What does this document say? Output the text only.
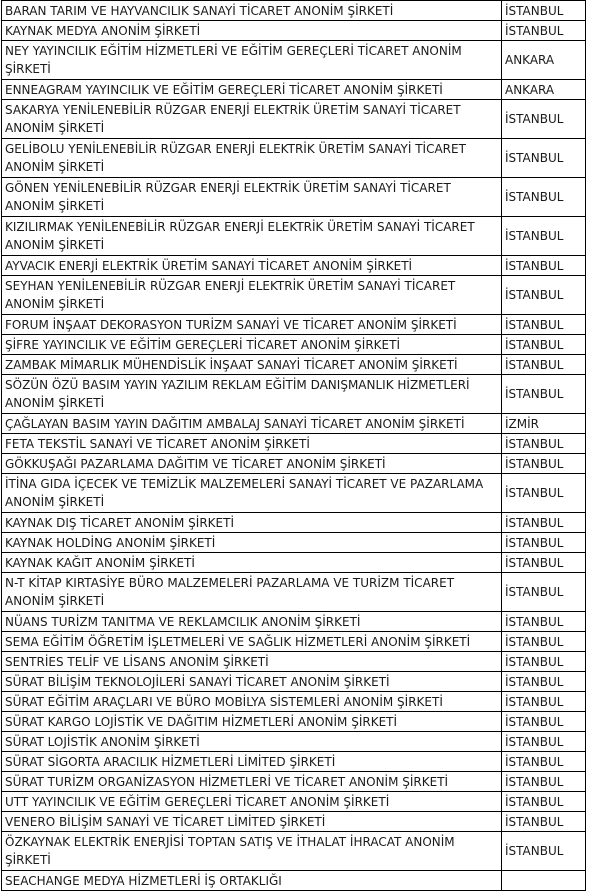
BARAN TARIM VE HAYVANCILIK SANAYİ TİCARET ANONİM ŞİRKETİ	İSTANBUL
KAYNAK MEDYA ANONİM ŞİRKETİ	İSTANBUL
NEY YAYINCILIK EĞİTİM HİZMETLERİ VE EĞİTİM GEREÇLERİ TİCARET ANONİM ŞİRKETİ	ANKARA
ENNEAGRAM YAYINCILIK VE EĞİTİM GEREÇLERİ TİCARET ANONİM ŞİRKETİ	ANKARA
SAKARYA YENİLENEBİLİR RÜZGAR ENERJİ ELEKTRİK ÜRETİM SANAYİ TİCARET ANONİM ŞİRKETİ	İSTANBUL
GELİBOLU YENİLENEBİLİR RÜZGAR ENERJİ ELEKTRİK ÜRETİM SANAYİ TİCARET ANONİM ŞİRKETİ	İSTANBUL
GÖNEN YENİLENEBİLİR RÜZGAR ENERJİ ELEKTRİK ÜRETİM SANAYİ TİCARET ANONİM ŞİRKETİ	İSTANBUL
KIZILIRMAK YENİLENEBİLİR RÜZGAR ENERJİ ELEKTRİK ÜRETİM SANAYİ TİCARET ANONİM ŞİRKETİ	İSTANBUL
AYVACIK ENERJİ ELEKTRİK ÜRETİM SANAYİ TİCARET ANONİM ŞİRKETİ	İSTANBUL
SEYHAN YENİLENEBİLİR RÜZGAR ENERJİ ELEKTRİK ÜRETİM SANAYİ TİCARET ANONİM ŞİRKETİ	İSTANBUL
FORUM İNŞAAT DEKORASYON TURİZM SANAYİ VE TİCARET ANONİM ŞİRKETİ	İSTANBUL
ŞİFRE YAYINCILIK VE EĞİTİM GEREÇLERİ TİCARET ANONİM ŞİRKETİ	İSTANBUL
ZAMBAK MİMARLIK MÜHENDİSLİK İNŞAAT SANAYİ TİCARET ANONİM ŞİRKETİ	İSTANBUL
SÖZÜN ÖZÜ BASIM YAYIN YAZILIM REKLAM EĞİTİM DANIŞMANLIK HİZMETLERİ ANONİM ŞİRKETİ	İSTANBUL
ÇAĞLAYAN BASIM YAYIN DAĞITIM AMBALAJ SANAYİ TİCARET ANONİM ŞİRKETİ	İZMİR
FETA TEKSTİL SANAYİ VE TİCARET ANONİM ŞİRKETİ	İSTANBUL
GÖKKUŞAĞI PAZARLAMA DAĞITIM VE TİCARET ANONİM ŞİRKETİ	İSTANBUL
İTİNA GIDA İÇECEK VE TEMİZLİK MALZEMELERİ SANAYİ TİCARET VE PAZARLAMA ANONİM ŞİRKETİ	İSTANBUL
KAYNAK DIŞ TİCARET ANONİM ŞİRKETİ	İSTANBUL
KAYNAK HOLDİNG ANONİM ŞİRKETİ	İSTANBUL
KAYNAK KAĞIT ANONİM ŞİRKETİ	İSTANBUL
N-T KİTAP KIRTASİYE BÜRO MALZEMELERİ PAZARLAMA VE TURİZM TİCARET ANONİM ŞİRKETİ	İSTANBUL
NÜANS TURİZM TANITMA VE REKLAMCILIK ANONİM ŞİRKETİ	İSTANBUL
SEMA EĞİTİM ÖĞRETİM İŞLETMELERİ VE SAĞLIK HİZMETLERİ ANONİM ŞİRKETİ	İSTANBUL
SENTRİES TELİF VE LİSANS ANONİM ŞİRKETİ	İSTANBUL
SÜRAT BİLİŞİM TEKNOLOJİLERİ SANAYİ TİCARET ANONİM ŞİRKETİ	İSTANBUL
SÜRAT EĞİTİM ARAÇLARI VE BÜRO MOBİLYA SİSTEMLERİ ANONİM ŞİRKETİ	İSTANBUL
SÜRAT KARGO LOJİSTİK VE DAĞITIM HİZMETLERİ ANONİM ŞİRKETİ	İSTANBUL
SÜRAT LOJİSTİK ANONİM ŞİRKETİ	İSTANBUL
SÜRAT SİGORTA ARACILIK HİZMETLERİ LİMİTED ŞİRKETİ	İSTANBUL
SÜRAT TURİZM ORGANİZASYON HİZMETLERİ VE TİCARET ANONİM ŞİRKETİ	İSTANBUL
UTT YAYINCILIK VE EĞİTİM GEREÇLERİ TİCARET ANONİM ŞİRKETİ	İSTANBUL
VENERO BİLİŞİM SANAYİ VE TİCARET LİMİTED ŞİRKETİ	İSTANBUL
ÖZKAYNAK ELEKTRİK ENERJİSİ TOPTAN SATIŞ VE İTHALAT İHRACAT ANONİM ŞİRKETİ	İSTANBUL
SEACHANGE MEDYA HİZMETLERİ İŞ ORTAKLIĞI	
